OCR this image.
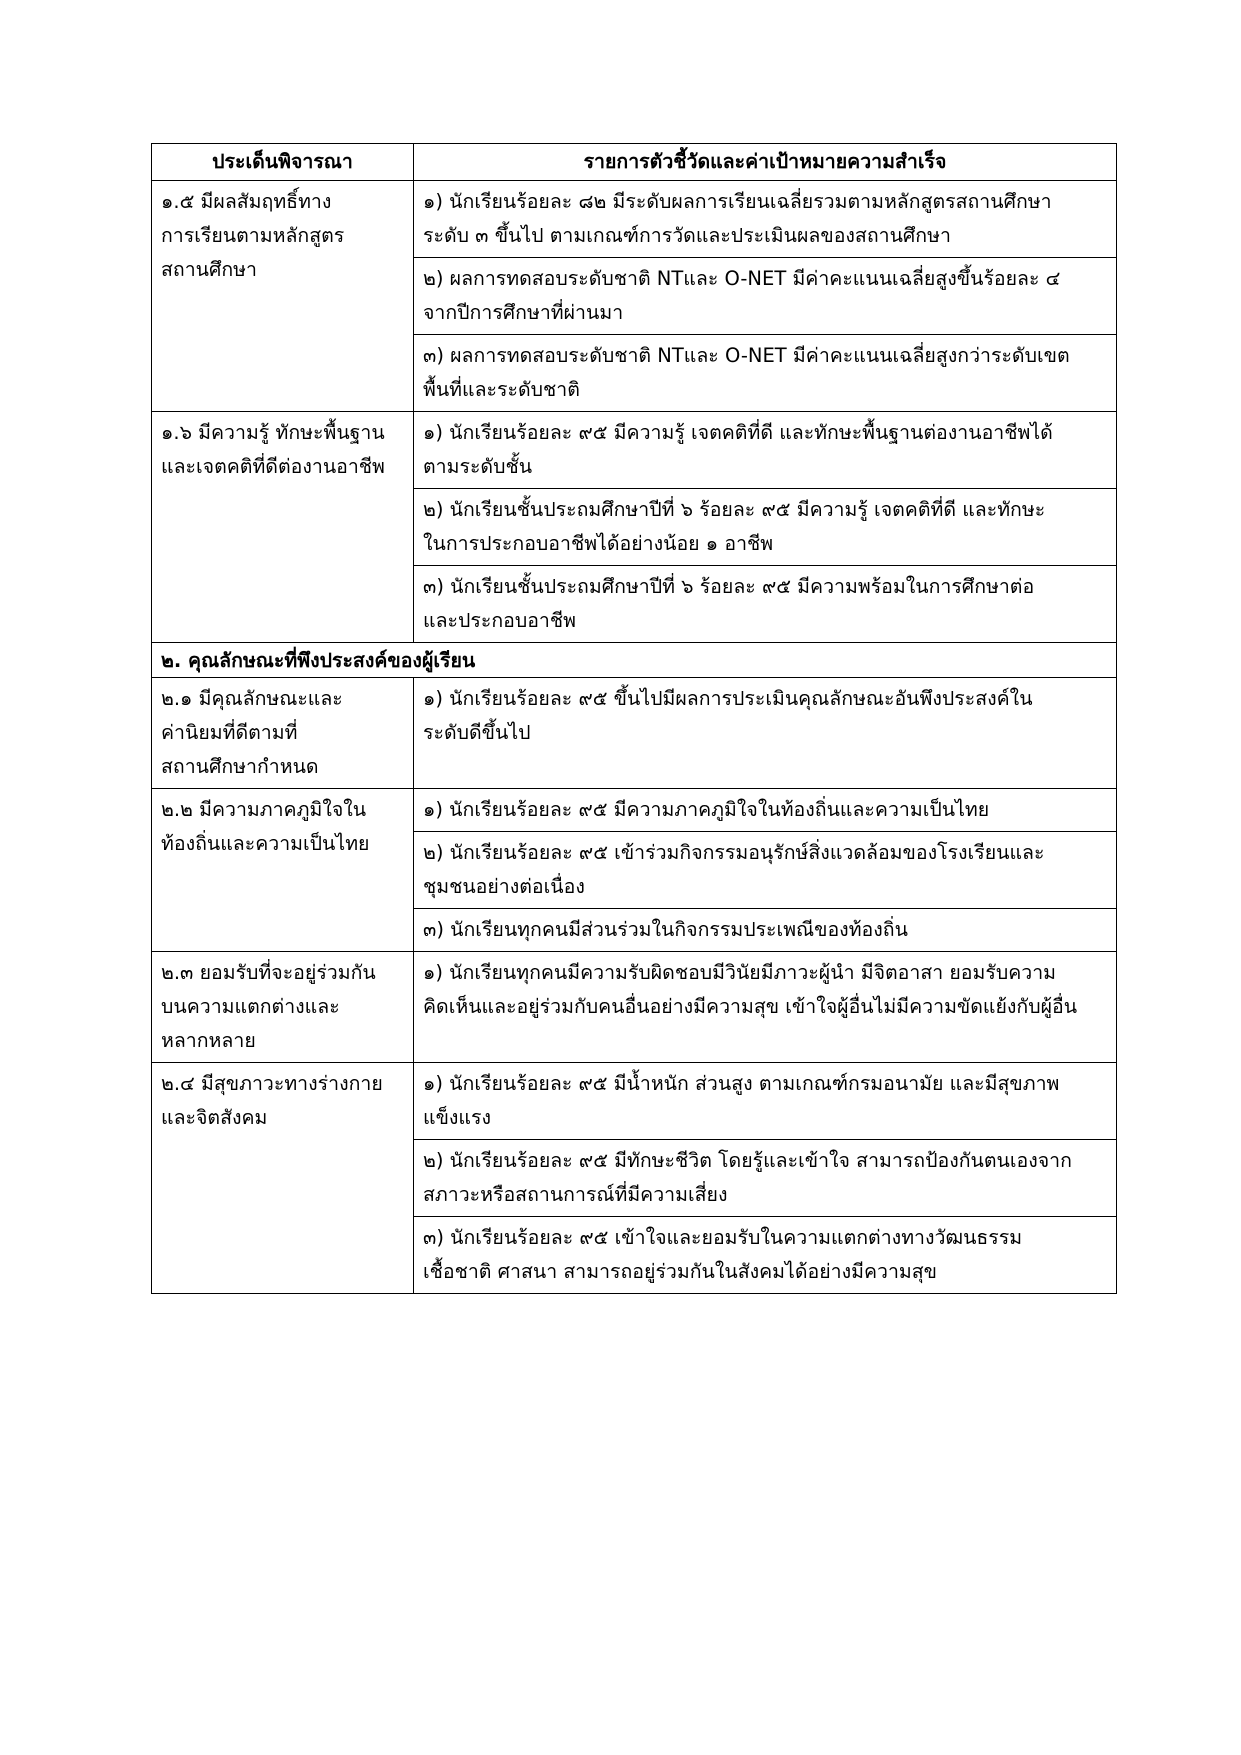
ประเด็นพิจารณา	รายการตัวชี้วัดและค่าเป้าหมายความสำเร็จ

๑.๕ มีผลสัมฤทธิ์ทาง
การเรียนตามหลักสูตร
สถานศึกษา	๑) นักเรียนร้อยละ ๘๒ มีระดับผลการเรียนเฉลี่ยรวมตามหลักสูตรสถานศึกษา
ระดับ ๓ ขึ้นไป ตามเกณฑ์การวัดและประเมินผลของสถานศึกษา

	๒) ผลการทดสอบระดับชาติ NTและ O-NET มีค่าคะแนนเฉลี่ยสูงขึ้นร้อยละ ๔
จากปีการศึกษาที่ผ่านมา

	๓) ผลการทดสอบระดับชาติ NTและ O-NET มีค่าคะแนนเฉลี่ยสูงกว่าระดับเขต
พื้นที่และระดับชาติ

๑.๖ มีความรู้ ทักษะพื้นฐาน
และเจตคติที่ดีต่องานอาชีพ	๑) นักเรียนร้อยละ ๙๕ มีความรู้ เจตคติที่ดี และทักษะพื้นฐานต่องานอาชีพได้
ตามระดับชั้น

	๒) นักเรียนชั้นประถมศึกษาปีที่ ๖ ร้อยละ ๙๕ มีความรู้ เจตคติที่ดี และทักษะ
ในการประกอบอาชีพได้อย่างน้อย ๑ อาชีพ

	๓) นักเรียนชั้นประถมศึกษาปีที่ ๖ ร้อยละ ๙๕ มีความพร้อมในการศึกษาต่อ
และประกอบอาชีพ

๒. คุณลักษณะที่พึงประสงค์ของผู้เรียน	

๒.๑ มีคุณลักษณะและ
ค่านิยมที่ดีตามที่
สถานศึกษากำหนด	๑) นักเรียนร้อยละ ๙๕ ขึ้นไปมีผลการประเมินคุณลักษณะอันพึงประสงค์ใน
ระดับดีขึ้นไป

๒.๒ มีความภาคภูมิใจใน
ท้องถิ่นและความเป็นไทย	๑) นักเรียนร้อยละ ๙๕ มีความภาคภูมิใจในท้องถิ่นและความเป็นไทย

	๒) นักเรียนร้อยละ ๙๕ เข้าร่วมกิจกรรมอนุรักษ์สิ่งแวดล้อมของโรงเรียนและ
ชุมชนอย่างต่อเนื่อง

	๓) นักเรียนทุกคนมีส่วนร่วมในกิจกรรมประเพณีของท้องถิ่น

๒.๓ ยอมรับที่จะอยู่ร่วมกัน
บนความแตกต่างและ
หลากหลาย	๑) นักเรียนทุกคนมีความรับผิดชอบมีวินัยมีภาวะผู้นำ มีจิตอาสา ยอมรับความ
คิดเห็นและอยู่ร่วมกับคนอื่นอย่างมีความสุข เข้าใจผู้อื่นไม่มีความขัดแย้งกับผู้อื่น

๒.๔ มีสุขภาวะทางร่างกาย
และจิตสังคม	๑) นักเรียนร้อยละ ๙๕ มีน้ำหนัก ส่วนสูง ตามเกณฑ์กรมอนามัย และมีสุขภาพ
แข็งแรง

	๒) นักเรียนร้อยละ ๙๕ มีทักษะชีวิต โดยรู้และเข้าใจ สามารถป้องกันตนเองจาก
สภาวะหรือสถานการณ์ที่มีความเสี่ยง

	๓) นักเรียนร้อยละ ๙๕ เข้าใจและยอมรับในความแตกต่างทางวัฒนธรรม
เชื้อชาติ ศาสนา สามารถอยู่ร่วมกันในสังคมได้อย่างมีความสุข
